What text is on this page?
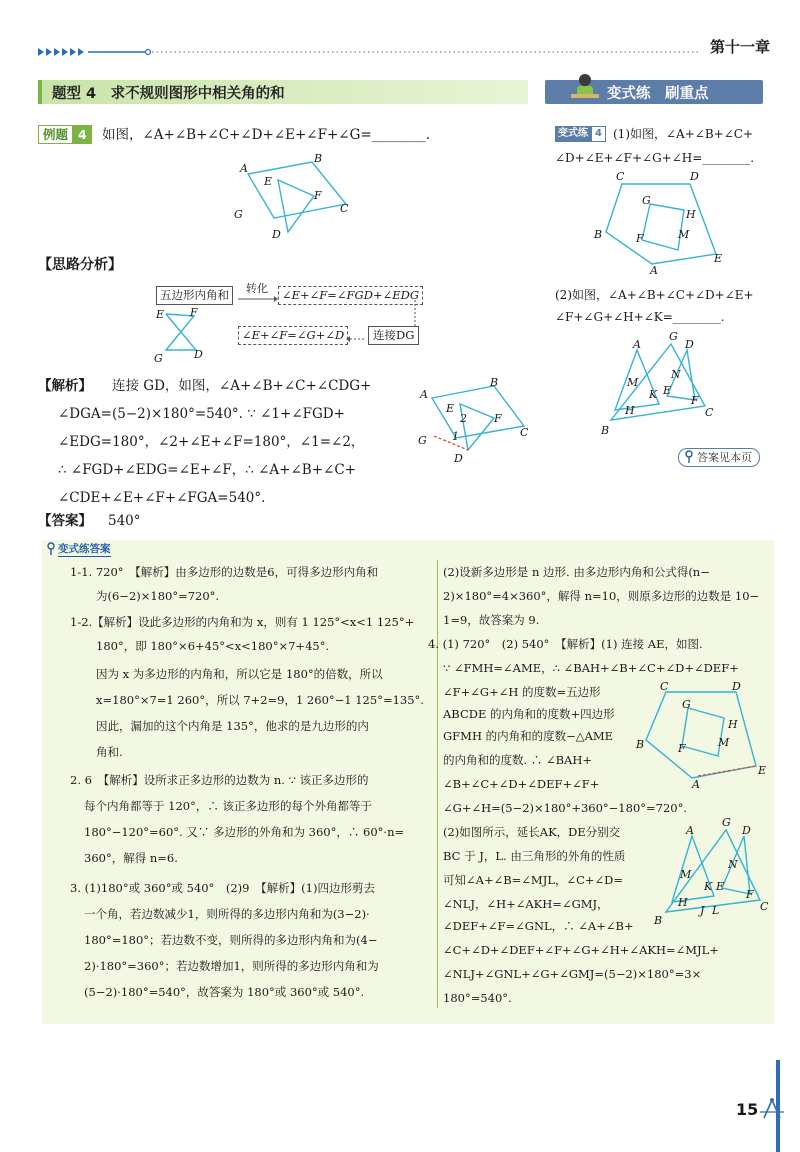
第十一章
题型 4　求不规则图形中相关角的和	变式练　刷重点
例题 4	如图，∠A+∠B+∠C+∠D+∠E+∠F+∠G=________.
A
B
E
F
G	C
D
【思路分析】
五边形内角和	转化	∠E+∠F=∠FGD+∠EDG
∠E+∠F=∠G+∠D	连接DG
E F
G	D
【解析】 连接 GD，如图，∠A+∠B+∠C+∠CDG+
∠DGA=(5−2)×180°=540°. ∵ ∠1+∠FGD+
∠EDG=180°，∠2+∠E+∠F=180°，∠1=∠2，
∴ ∠FGD+∠EDG=∠E+∠F，∴ ∠A+∠B+∠C+
∠CDE+∠E+∠F+∠FGA=540°.
A
B
E
2 F
1
G
C
D
【答案】 540°
变式练 4 (1)如图，∠A+∠B+∠C+
∠D+∠E+∠F+∠G+∠H=________.
C	D
G
H
B	F	M
A
E
(2)如图，∠A+∠B+∠C+∠D+∠E+
∠F+∠G+∠H+∠K=________.
G
D
M
N
K E
A
H
F
B
C
答案见本页
变式练答案
1-1. 720°　【解析】由多边形的边数是6，可得多边形内角和
为(6−2)×180°=720°.
1-2.【解析】设此多边形的内角和为 x，则有 1 125°<x<1 125°+
180°，即 180°×6+45°<x<180°×7+45°.
因为 x 为多边形的内角和，所以它是 180°的倍数，所以
x=180°×7=1 260°，所以 7+2=9，1 260°−1 125°=135°.
因此，漏加的这个内角是 135°，他求的是九边形的内
角和.
2. 6　【解析】设所求正多边形的边数为 n. ∵ 该正多边形的
每个内角都等于 120°，∴ 该正多边形的每个外角都等于
180°−120°=60°. 又∵ 多边形的外角和为 360°，∴ 60°·n=
360°，解得 n=6.
3. (1)180°或 360°或 540°　(2)9　【解析】(1)四边形剪去
一个角，若边数减少1，则所得的多边形内角和为(3−2)·
180°=180°；若边数不变，则所得的多边形内角和为(4−
2)·180°=360°；若边数增加1，则所得的多边形内角和为
(5−2)·180°=540°，故答案为 180°或 360°或 540°.
(2)设新多边形是 n 边形. 由多边形内角和公式得(n−
2)×180°=4×360°，解得 n=10，则原多边形的边数是 10−
1=9，故答案为 9.
4. (1) 720°　(2) 540°　【解析】(1) 连接 AE，如图.
∵ ∠FMH=∠AME，∴ ∠BAH+∠B+∠C+∠D+∠DEF+
∠F+∠G+∠H 的度数=五边形
ABCDE 的内角和的度数+四边形
GFMH 的内角和的度数−△AME
的内角和的度数. ∴ ∠BAH+
∠B+∠C+∠D+∠DEF+∠F+
∠G+∠H=(5−2)×180°+360°−180°=720°.
(2)如图所示，延长AK，DE分别交
BC 于 J，L. 由三角形的外角的性质
可知∠A+∠B=∠MJL，∠C+∠D=
∠NLJ，∠H+∠AKH=∠GMJ，
∠DEF+∠F=∠GNL，∴ ∠A+∠B+
∠C+∠D+∠DEF+∠F+∠G+∠H+∠AKH=∠MJL+
∠NLJ+∠GNL+∠G+∠GMJ=(5−2)×180°=3×
180°=540°.
C	D
G
H
B	F	M
A
E
G
D
A
N
M
K E
H
F
J L
B
C
15
